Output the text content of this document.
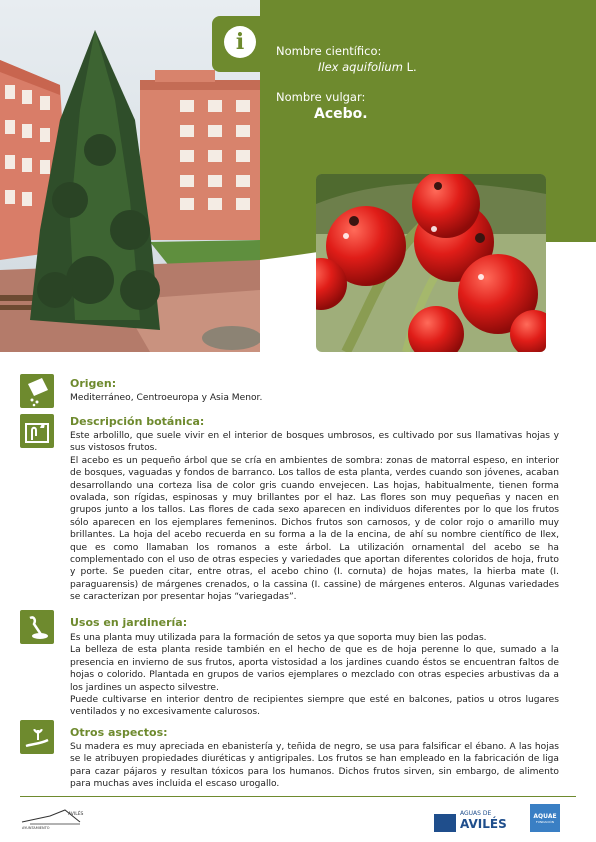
i	Nombre científico:
Ilex aquifolium L.
Nombre vulgar:
Acebo.
Origen:
Mediterráneo, Centroeuropa y Asia Menor.
Descripción botánica:

Este arbolillo, que suele vivir en el interior de bosques umbrosos, es cultivado por sus llamativas hojas y sus vistosos frutos.

El acebo es un pequeño árbol que se cría en ambientes de sombra: zonas de matorral espeso, en interior de bosques, vaguadas y fondos de barranco. Los tallos de esta planta, verdes cuando son jóvenes, acaban desarrollando una corteza lisa de color gris cuando envejecen. Las hojas, habitualmente, tienen forma ovalada, son rígidas, espinosas y muy brillantes por el haz. Las flores son muy pequeñas y nacen en grupos junto a los tallos. Las flores de cada sexo aparecen en individuos diferentes por lo que los frutos sólo aparecen en los ejemplares femeninos. Dichos frutos son carnosos, y de color rojo o amarillo muy brillantes. La hoja del acebo recuerda en su forma a la de la encina, de ahí su nombre científico de Ilex, que es como llamaban los romanos a este árbol. La utilización ornamental del acebo se ha complementado con el uso de otras especies y variedades que aportan diferentes coloridos de hoja, fruto y porte. Se pueden citar, entre otras, el acebo chino (I. cornuta) de hojas mates, la hierba mate (I. paraguarensis) de márgenes crenados, o la cassina (I. cassine) de márgenes enteros. Algunas variedades se caracterizan por presentar hojas “variegadas”.

Usos en jardinería:

Es una planta muy utilizada para la formación de setos ya que soporta muy bien las podas.

La belleza de esta planta reside también en el hecho de que es de hoja perenne lo que, sumado a la presencia en invierno de sus frutos, aporta vistosidad a los jardines cuando éstos se encuentran faltos de hojas o colorido. Plantada en grupos de varios ejemplares o mezclado con otras especies arbustivas da a los jardines un aspecto silvestre.

Puede cultivarse en interior dentro de recipientes siempre que esté en balcones, patios u otros lugares ventilados y no excesivamente calurosos.

Otros aspectos:
Su madera es muy apreciada en ebanistería y, teñida de negro, se usa para falsificar el ébano. A las hojas se le atribuyen propiedades diuréticas y antigripales. Los frutos se han empleado en la fabricación de liga para cazar pájaros y resultan tóxicos para los humanos. Dichos frutos sirven, sin embargo, de alimento para muchas aves incluida el escaso urogallo.
AVILÉS
AYUNTAMIENTO
AGUAS DE
AVILÉS
AQUAE
FUNDACIÓN
